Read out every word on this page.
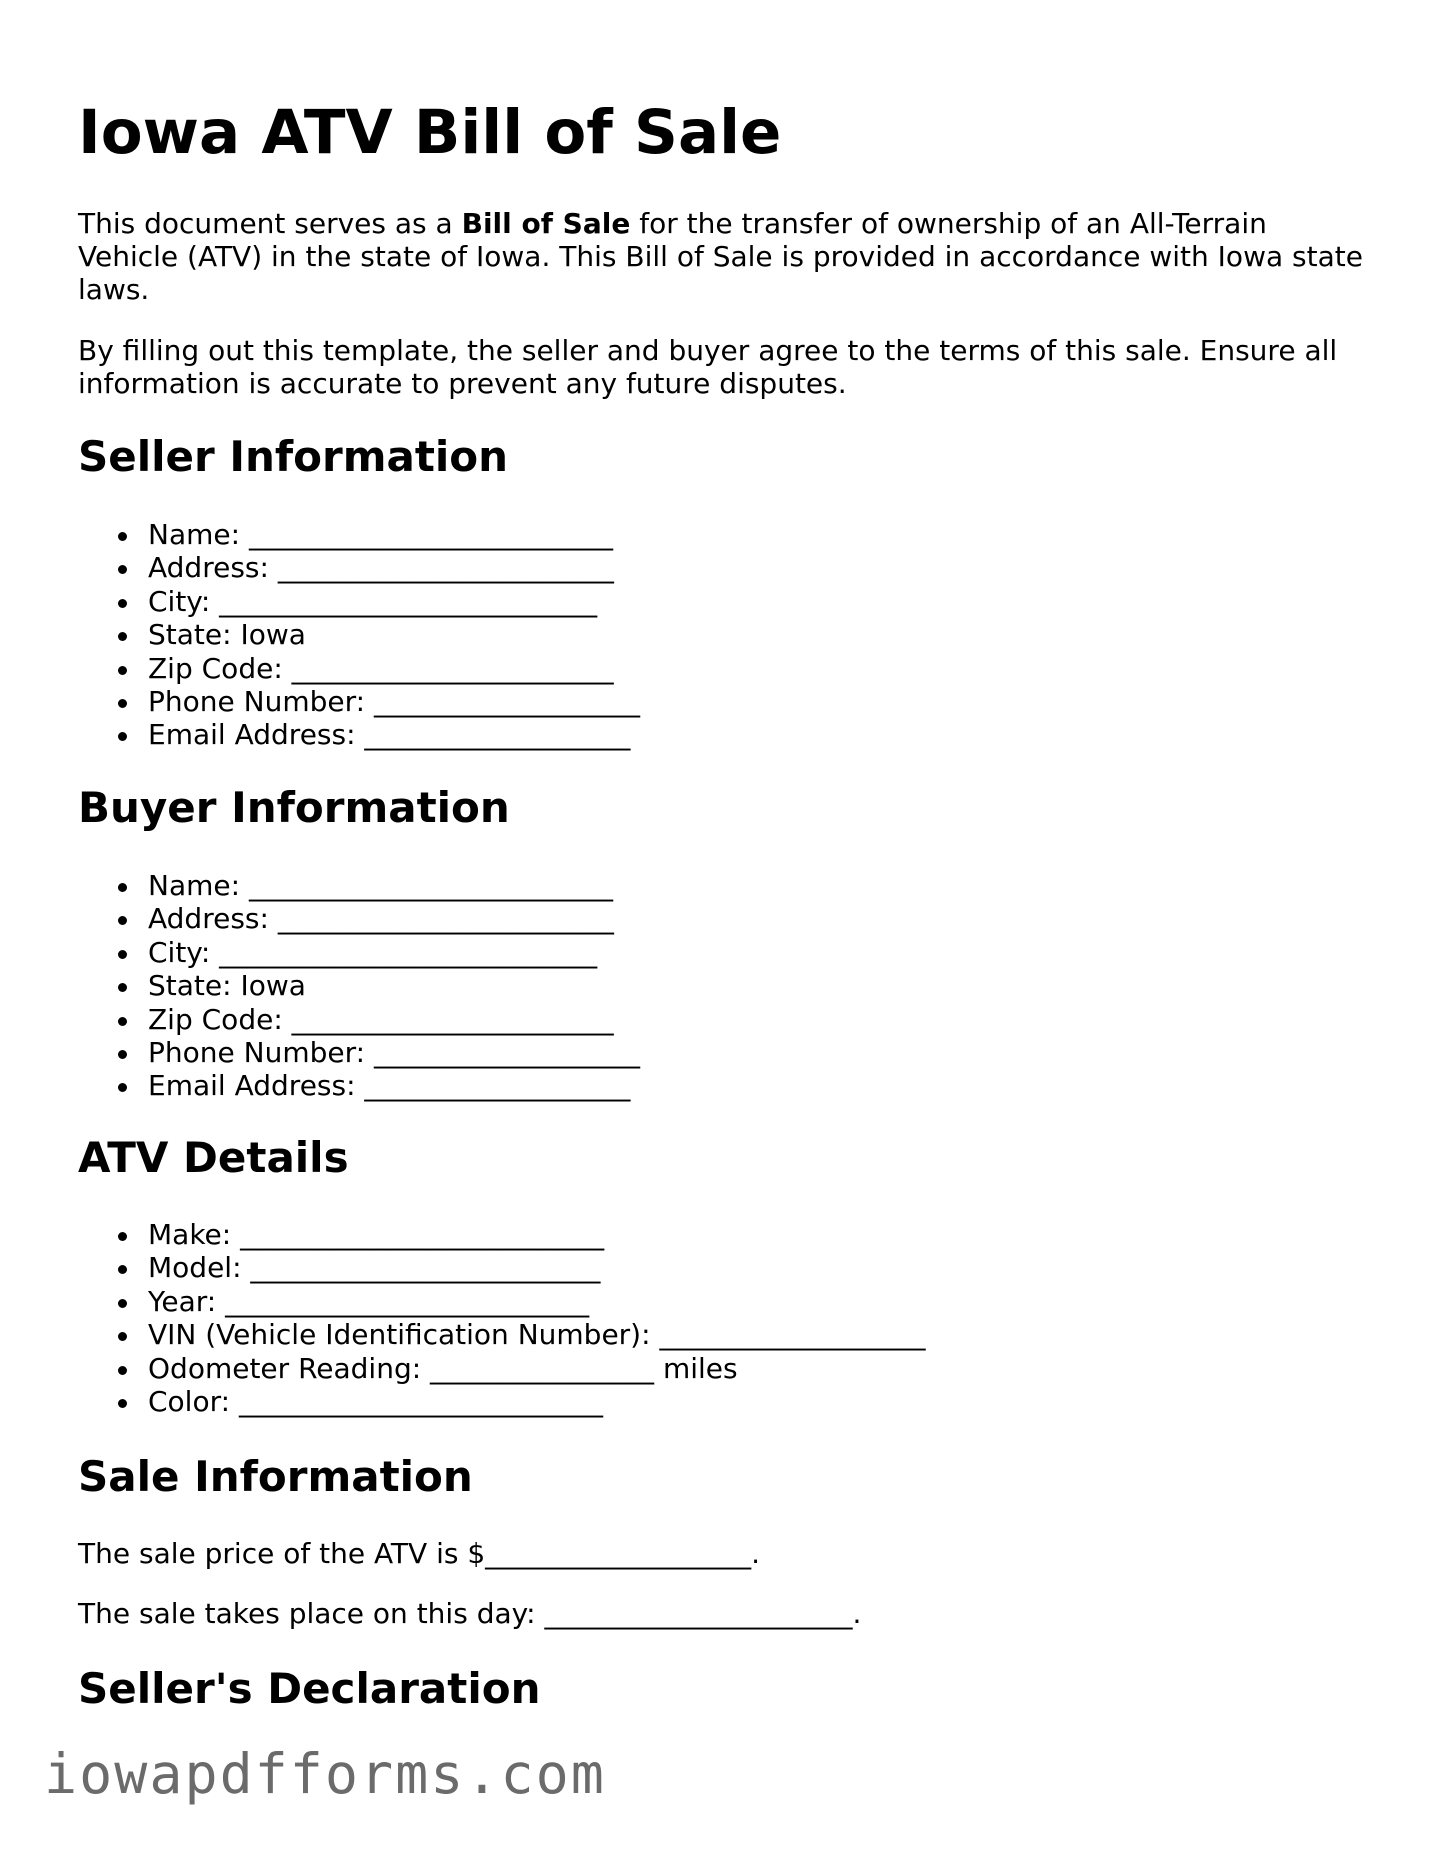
Iowa ATV Bill of Sale

This document serves as a Bill of Sale for the transfer of ownership of an All-Terrain Vehicle (ATV) in the state of Iowa. This Bill of Sale is provided in accordance with Iowa state laws.

By filling out this template, the seller and buyer agree to the terms of this sale. Ensure all information is accurate to prevent any future disputes.

Seller Information
Name: __________________________
Address: ________________________
City: ___________________________
State: Iowa
Zip Code: _______________________
Phone Number: ___________________
Email Address: ___________________
Buyer Information
Name: __________________________
Address: ________________________
City: ___________________________
State: Iowa
Zip Code: _______________________
Phone Number: ___________________
Email Address: ___________________
ATV Details
Make: __________________________
Model: _________________________
Year: __________________________
VIN (Vehicle Identification Number): ___________________
Odometer Reading: ________________ miles
Color: __________________________
Sale Information

The sale price of the ATV is $___________________.

The sale takes place on this day: ______________________.

Seller's Declaration
iowapdfforms.com
